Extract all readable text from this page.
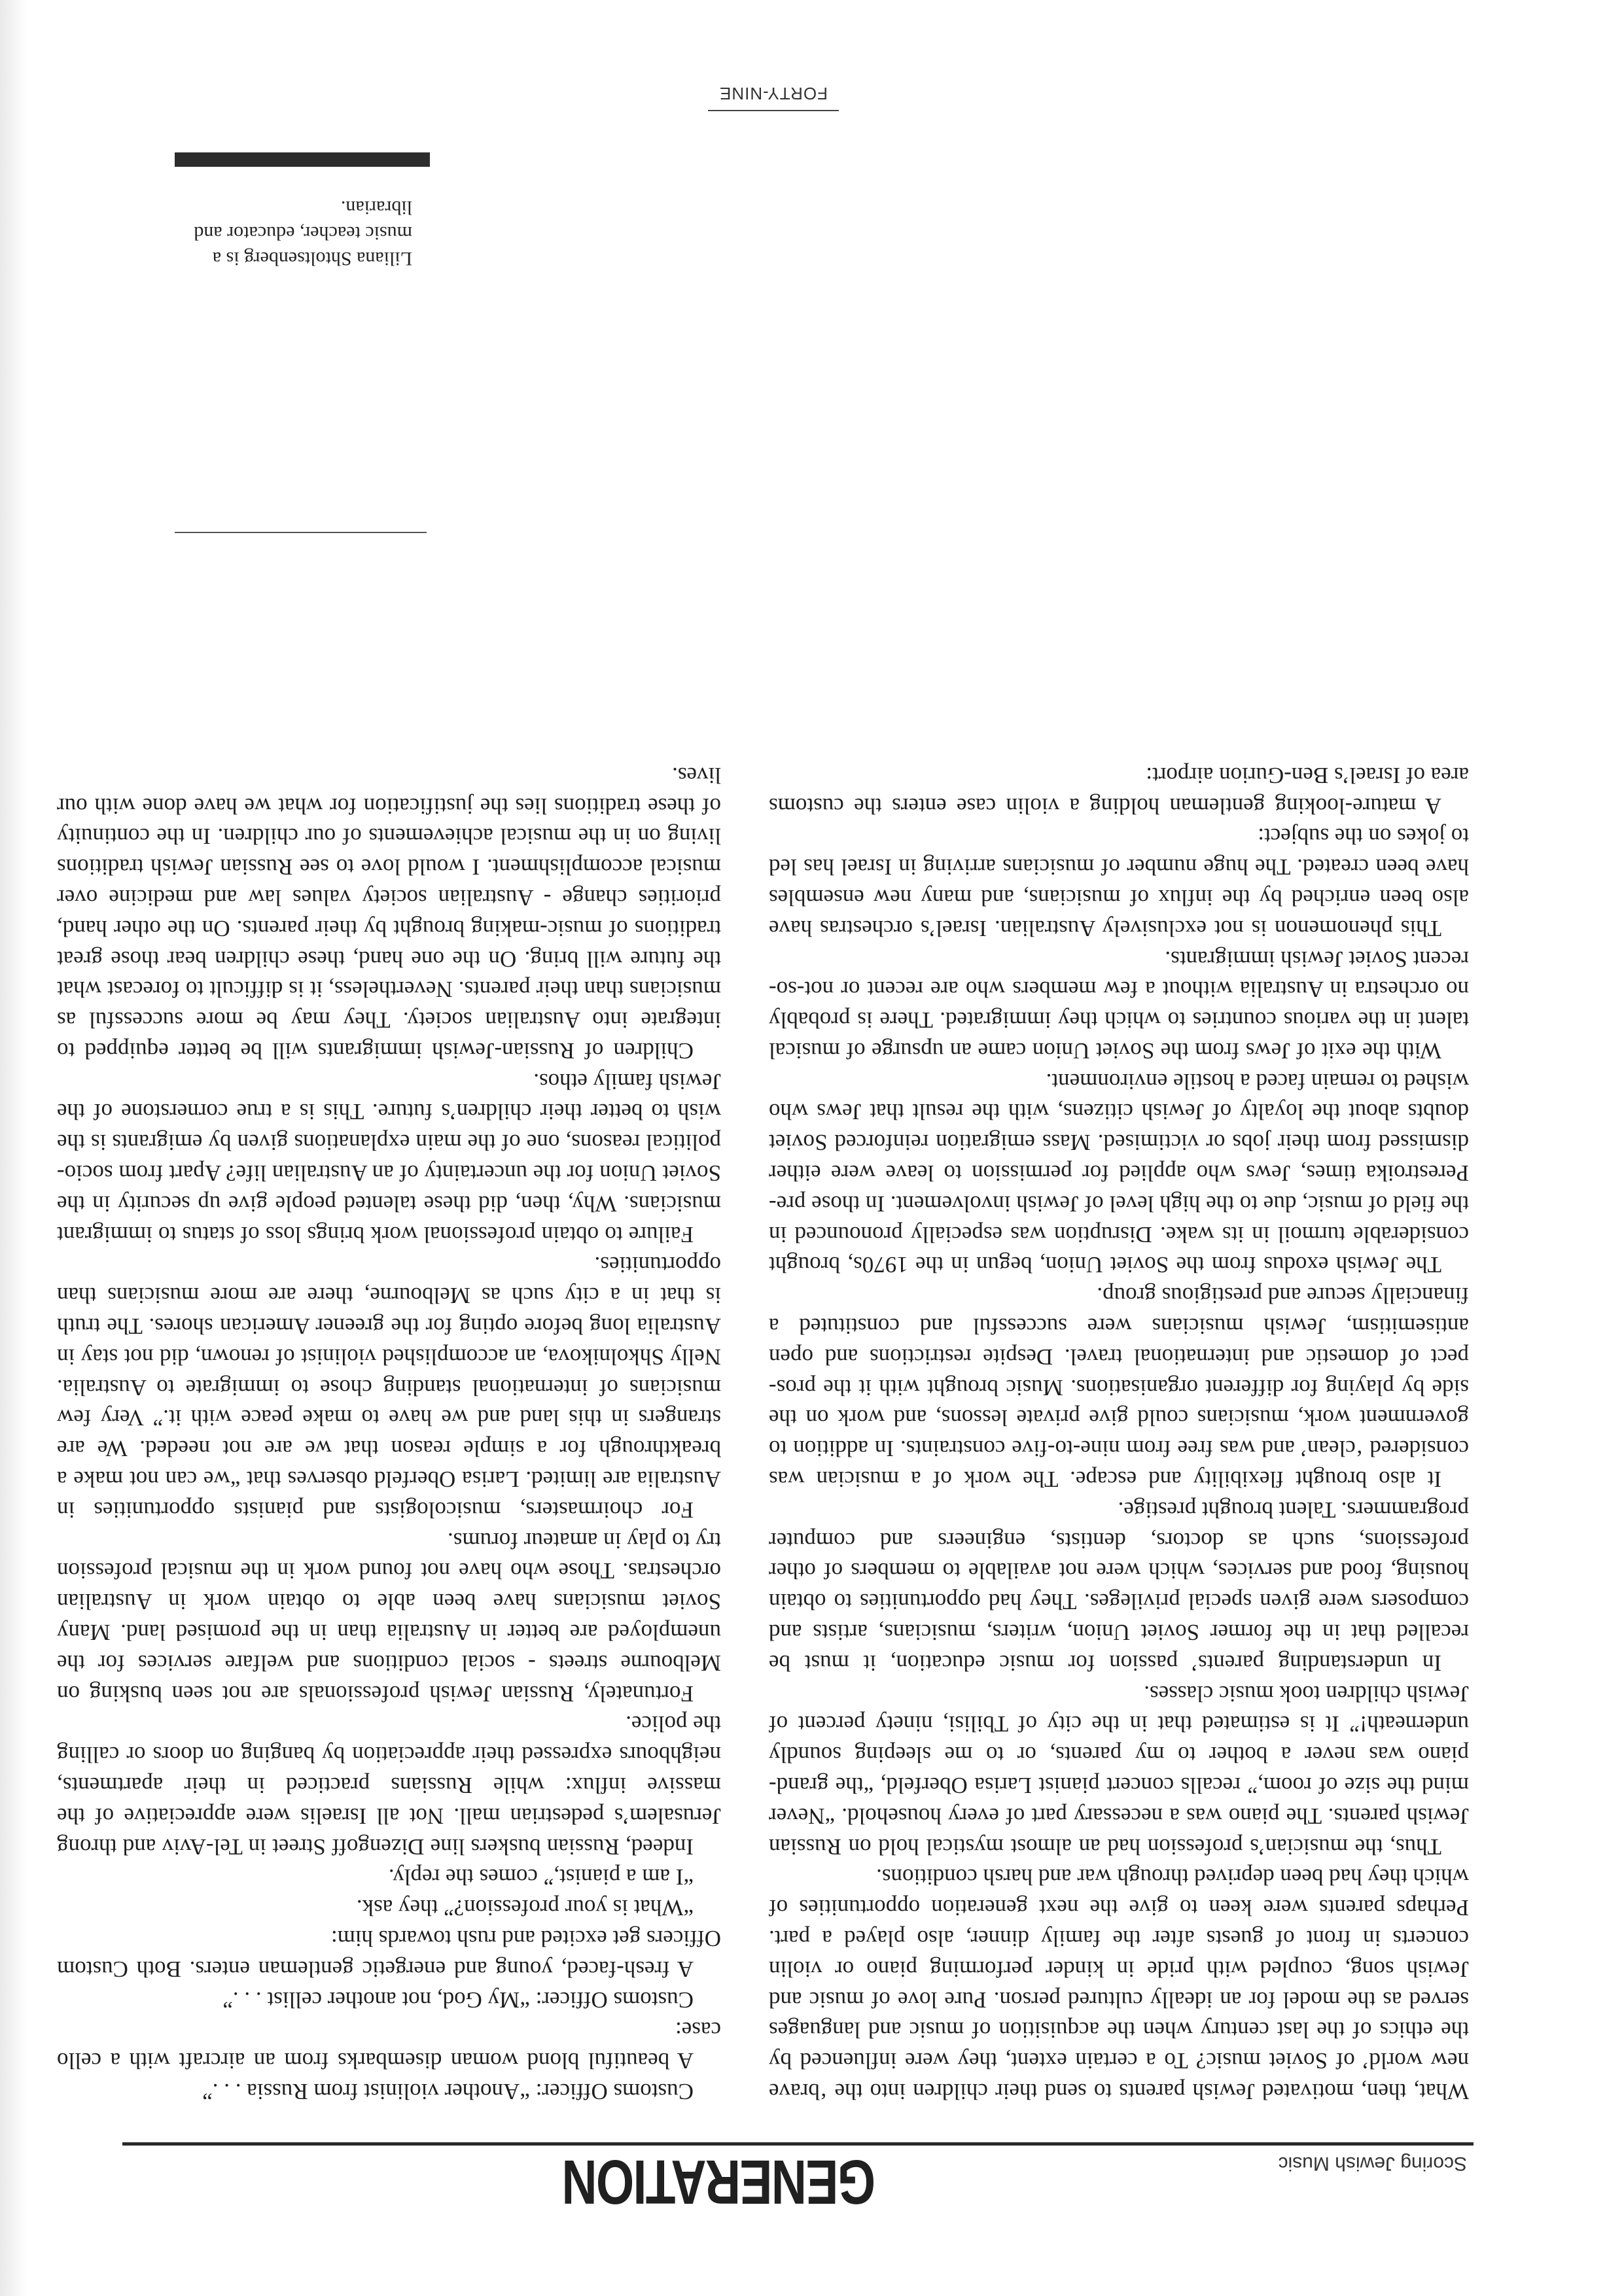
Scoring Jewish Music
GENERATION

What, then, motivated Jewish parents to send their children into the ‘brave new world’ of Soviet music? To a certain extent, they were influenced by the ethics of the last century when the acquisition of music and languages served as the model for an ideally cultured person. Pure love of music and Jewish song, coupled with pride in kinder performing piano or violin concerts in front of guests after the family dinner, also played a part. Perhaps parents were keen to give the next generation opportunities of which they had been deprived through war and harsh conditions.

Thus, the musician’s profession had an almost mystical hold on Russian Jewish parents. The piano was a necessary part of every household. “Never mind the size of room,” recalls concert pianist Larisa Oberfeld, “the grand-piano was never a bother to my parents, or to me sleeping soundly underneath!” It is estimated that in the city of Tbilisi, ninety percent of Jewish children took music classes.

In understanding parents’ passion for music education, it must be recalled that in the former Soviet Union, writers, musicians, artists and composers were given special privileges. They had opportunities to obtain housing, food and services, which were not available to members of other professions, such as doctors, dentists, engineers and computer programmers. Talent brought prestige.

It also brought flexibility and escape. The work of a musician was considered ‘clean’ and was free from nine-to-five constraints. In addition to government work, musicians could give private lessons, and work on the side by playing for different organisations. Music brought with it the prospect of domestic and international travel. Despite restrictions and open antisemitism, Jewish musicians were successful and constituted a financially secure and prestigious group.

The Jewish exodus from the Soviet Union, begun in the 1970s, brought considerable turmoil in its wake. Disruption was especially pronounced in the field of music, due to the high level of Jewish involvement. In those pre-Perestroika times, Jews who applied for permission to leave were either dismissed from their jobs or victimised. Mass emigration reinforced Soviet doubts about the loyalty of Jewish citizens, with the result that Jews who wished to remain faced a hostile environment.

With the exit of Jews from the Soviet Union came an upsurge of musical talent in the various countries to which they immigrated. There is probably no orchestra in Australia without a few members who are recent or not-so-recent Soviet Jewish immigrants.

This phenomenon is not exclusively Australian. Israel’s orchestras have also been enriched by the influx of musicians, and many new ensembles have been created. The huge number of musicians arriving in Israel has led to jokes on the subject:

A mature-looking gentleman holding a violin case enters the customs area of Israel’s Ben-Gurion airport:

Customs Officer: “Another violinist from Russia . . .”

A beautiful blond woman disembarks from an aircraft with a cello case:

Customs Officer: “My God, not another cellist . . .”

A fresh-faced, young and energetic gentleman enters. Both Custom Officers get excited and rush towards him:

“What is your profession?” they ask.

“I am a pianist,” comes the reply.

Indeed, Russian buskers line Dizengoff Street in Tel-Aviv and throng Jerusalem’s pedestrian mall. Not all Israelis were appreciative of the massive influx: while Russians practiced in their apartments, neighbours expressed their appreciation by banging on doors or calling the police.

Fortunately, Russian Jewish professionals are not seen busking on Melbourne streets - social conditions and welfare services for the unemployed are better in Australia than in the promised land. Many Soviet musicians have been able to obtain work in Australian orchestras. Those who have not found work in the musical profession try to play in amateur forums.

For choirmasters, musicologists and pianists opportunities in Australia are limited. Larisa Oberfeld observes that “we can not make a breakthrough for a simple reason that we are not needed. We are strangers in this land and we have to make peace with it.” Very few musicians of international standing chose to immigrate to Australia. Nelly Shkolnikova, an accomplished violinist of renown, did not stay in Australia long before opting for the greener American shores. The truth is that in a city such as Melbourne, there are more musicians than opportunities.

Failure to obtain professional work brings loss of status to immigrant musicians. Why, then, did these talented people give up security in the Soviet Union for the uncertainty of an Australian life? Apart from socio-political reasons, one of the main explanations given by emigrants is the wish to better their children’s future. This is a true cornerstone of the Jewish family ethos.

Children of Russian-Jewish immigrants will be better equipped to integrate into Australian society. They may be more successful as musicians than their parents. Nevertheless, it is difficult to forecast what the future will bring. On the one hand, these children bear those great traditions of music-making brought by their parents. On the other hand, priorities change - Australian society values law and medicine over musical accomplishment. I would love to see Russian Jewish traditions living on in the musical achievements of our children. In the continuity of these traditions lies the justification for what we have done with our lives.

Liliana Shtoltsenberg is a music teacher, educator and librarian.
FORTY-NINE
